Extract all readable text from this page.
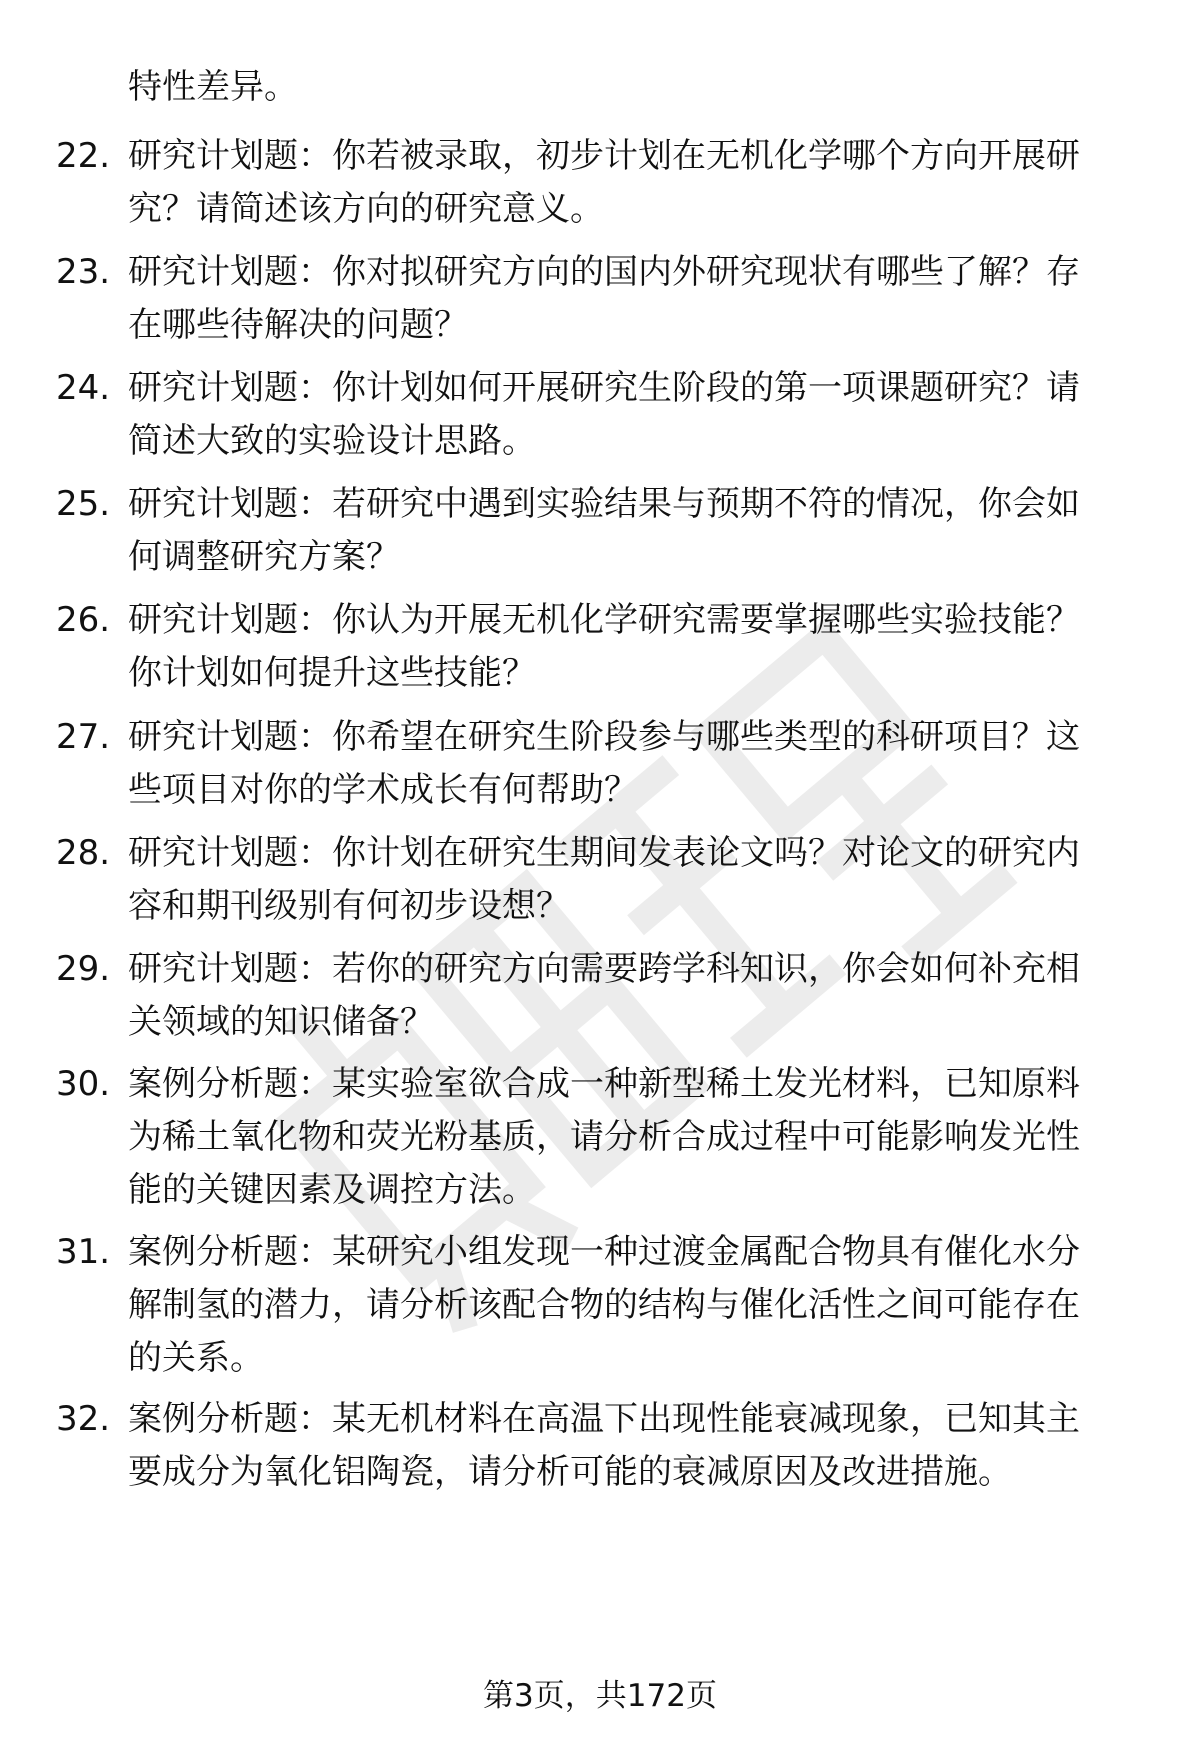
特性差异。
22. 研究计划题：你若被录取，初步计划在无机化学哪个方向开展研
究？请简述该方向的研究意义。
23. 研究计划题：你对拟研究方向的国内外研究现状有哪些了解？存
在哪些待解决的问题？
24. 研究计划题：你计划如何开展研究生阶段的第一项课题研究？请
简述大致的实验设计思路。
25. 研究计划题：若研究中遇到实验结果与预期不符的情况，你会如
何调整研究方案？
26. 研究计划题：你认为开展无机化学研究需要掌握哪些实验技能？
你计划如何提升这些技能？
27. 研究计划题：你希望在研究生阶段参与哪些类型的科研项目？这
些项目对你的学术成长有何帮助？
28. 研究计划题：你计划在研究生期间发表论文吗？对论文的研究内
容和期刊级别有何初步设想？
29. 研究计划题：若你的研究方向需要跨学科知识，你会如何补充相
关领域的知识储备？
30. 案例分析题：某实验室欲合成一种新型稀土发光材料，已知原料
为稀土氧化物和荧光粉基质，请分析合成过程中可能影响发光性
能的关键因素及调控方法。
31. 案例分析题：某研究小组发现一种过渡金属配合物具有催化水分
解制氢的潜力，请分析该配合物的结构与催化活性之间可能存在
的关系。
32. 案例分析题：某无机材料在高温下出现性能衰减现象，已知其主
要成分为氧化铝陶瓷，请分析可能的衰减原因及改进措施。
第3页，共172页
